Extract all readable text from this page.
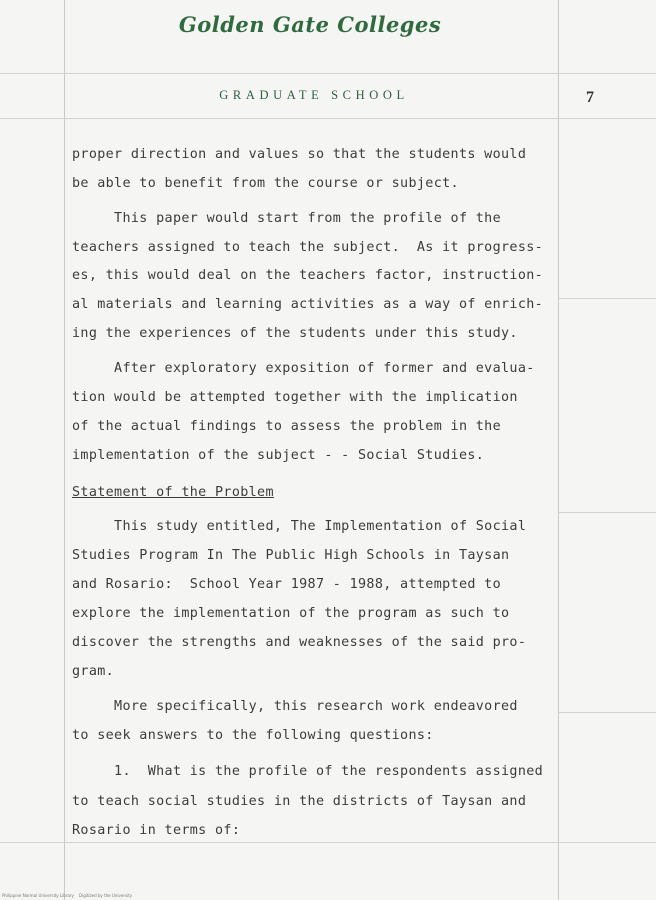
Golden Gate Colleges
GRADUATE SCHOOL	7
proper direction and values so that the students would
be able to benefit from the course or subject.
This paper would start from the profile of the
teachers assigned to teach the subject.  As it progress-
es, this would deal on the teachers factor, instruction-
al materials and learning activities as a way of enrich-
ing the experiences of the students under this study.
After exploratory exposition of former and evalua-
tion would be attempted together with the implication
of the actual findings to assess the problem in the
implementation of the subject - - Social Studies.
Statement of the Problem
This study entitled, The Implementation of Social
Studies Program In The Public High Schools in Taysan
and Rosario:  School Year 1987 - 1988, attempted to
explore the implementation of the program as such to
discover the strengths and weaknesses of the said pro-
gram.
More specifically, this research work endeavored
to seek answers to the following questions:
1.  What is the profile of the respondents assigned
to teach social studies in the districts of Taysan and
Rosario in terms of:
Philippine Normal University Library    Digitized by the University
